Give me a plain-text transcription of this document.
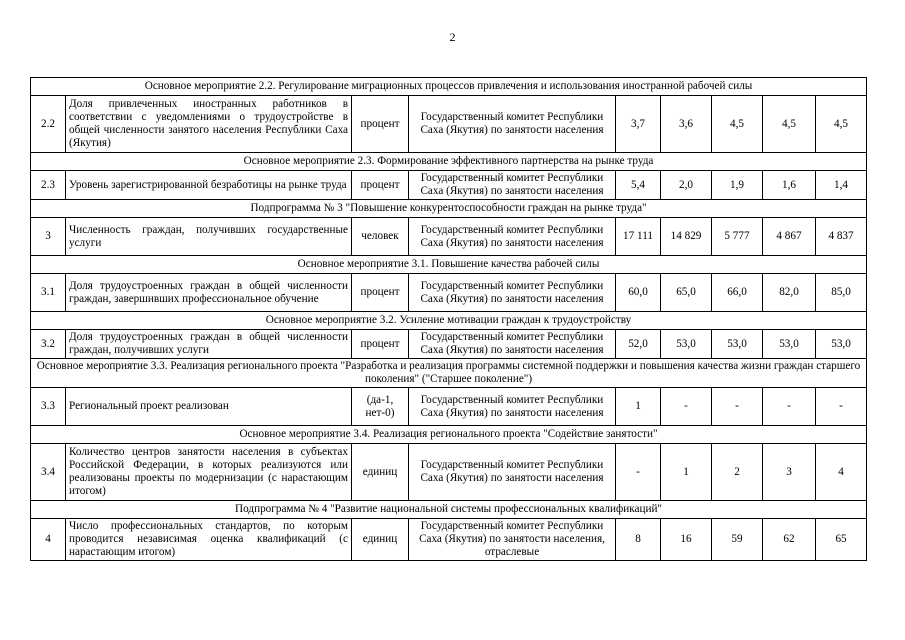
2
Основное мероприятие 2.2. Регулирование миграционных процессов привлечения и использования иностранной рабочей силы								
2.2	Доля привлеченных иностранных работников в соответствии с уведомлениями о трудоустройстве в общей численности занятого населения Республики Саха (Якутия)	процент	Государственный комитет Республики Саха (Якутия) по занятости населения	3,7	3,6	4,5	4,5	4,5
Основное мероприятие 2.3. Формирование эффективного партнерства на рынке труда								
2.3	Уровень зарегистрированной безработицы на рынке труда	процент	Государственный комитет Республики Саха (Якутия) по занятости населения	5,4	2,0	1,9	1,6	1,4
Подпрограмма № 3 "Повышение конкурентоспособности граждан на рынке труда"								
3	Численность граждан, получивших государственные услуги	человек	Государственный комитет Республики Саха (Якутия) по занятости населения	17 111	14 829	5 777	4 867	4 837
Основное мероприятие 3.1. Повышение качества рабочей силы								
3.1	Доля трудоустроенных граждан в общей численности граждан, завершивших профессиональное обучение	процент	Государственный комитет Республики Саха (Якутия) по занятости населения	60,0	65,0	66,0	82,0	85,0
Основное мероприятие 3.2. Усиление мотивации граждан к трудоустройству								
3.2	Доля трудоустроенных граждан в общей численности граждан, получивших услуги	процент	Государственный комитет Республики Саха (Якутия) по занятости населения	52,0	53,0	53,0	53,0	53,0
Основное мероприятие 3.3. Реализация регионального проекта "Разработка и реализация программы системной поддержки и повышения качества жизни граждан старшего поколения" ("Старшее поколение")								
3.3	Региональный проект реализован	(да-1, нет-0)	Государственный комитет Республики Саха (Якутия) по занятости населения	1	-	-	-	-
Основное мероприятие 3.4. Реализация регионального проекта "Содействие занятости"								
3.4	Количество центров занятости населения в субъектах Российской Федерации, в которых реализуются или реализованы проекты по модернизации (с нарастающим итогом)	единиц	Государственный комитет Республики Саха (Якутия) по занятости населения	-	1	2	3	4
Подпрограмма № 4 "Развитие национальной системы профессиональных квалификаций"								
4	Число профессиональных стандартов, по которым проводится независимая оценка квалификаций (с нарастающим итогом)	единиц	Государственный комитет Республики Саха (Якутия) по занятости населения, отраслевые	8	16	59	62	65
